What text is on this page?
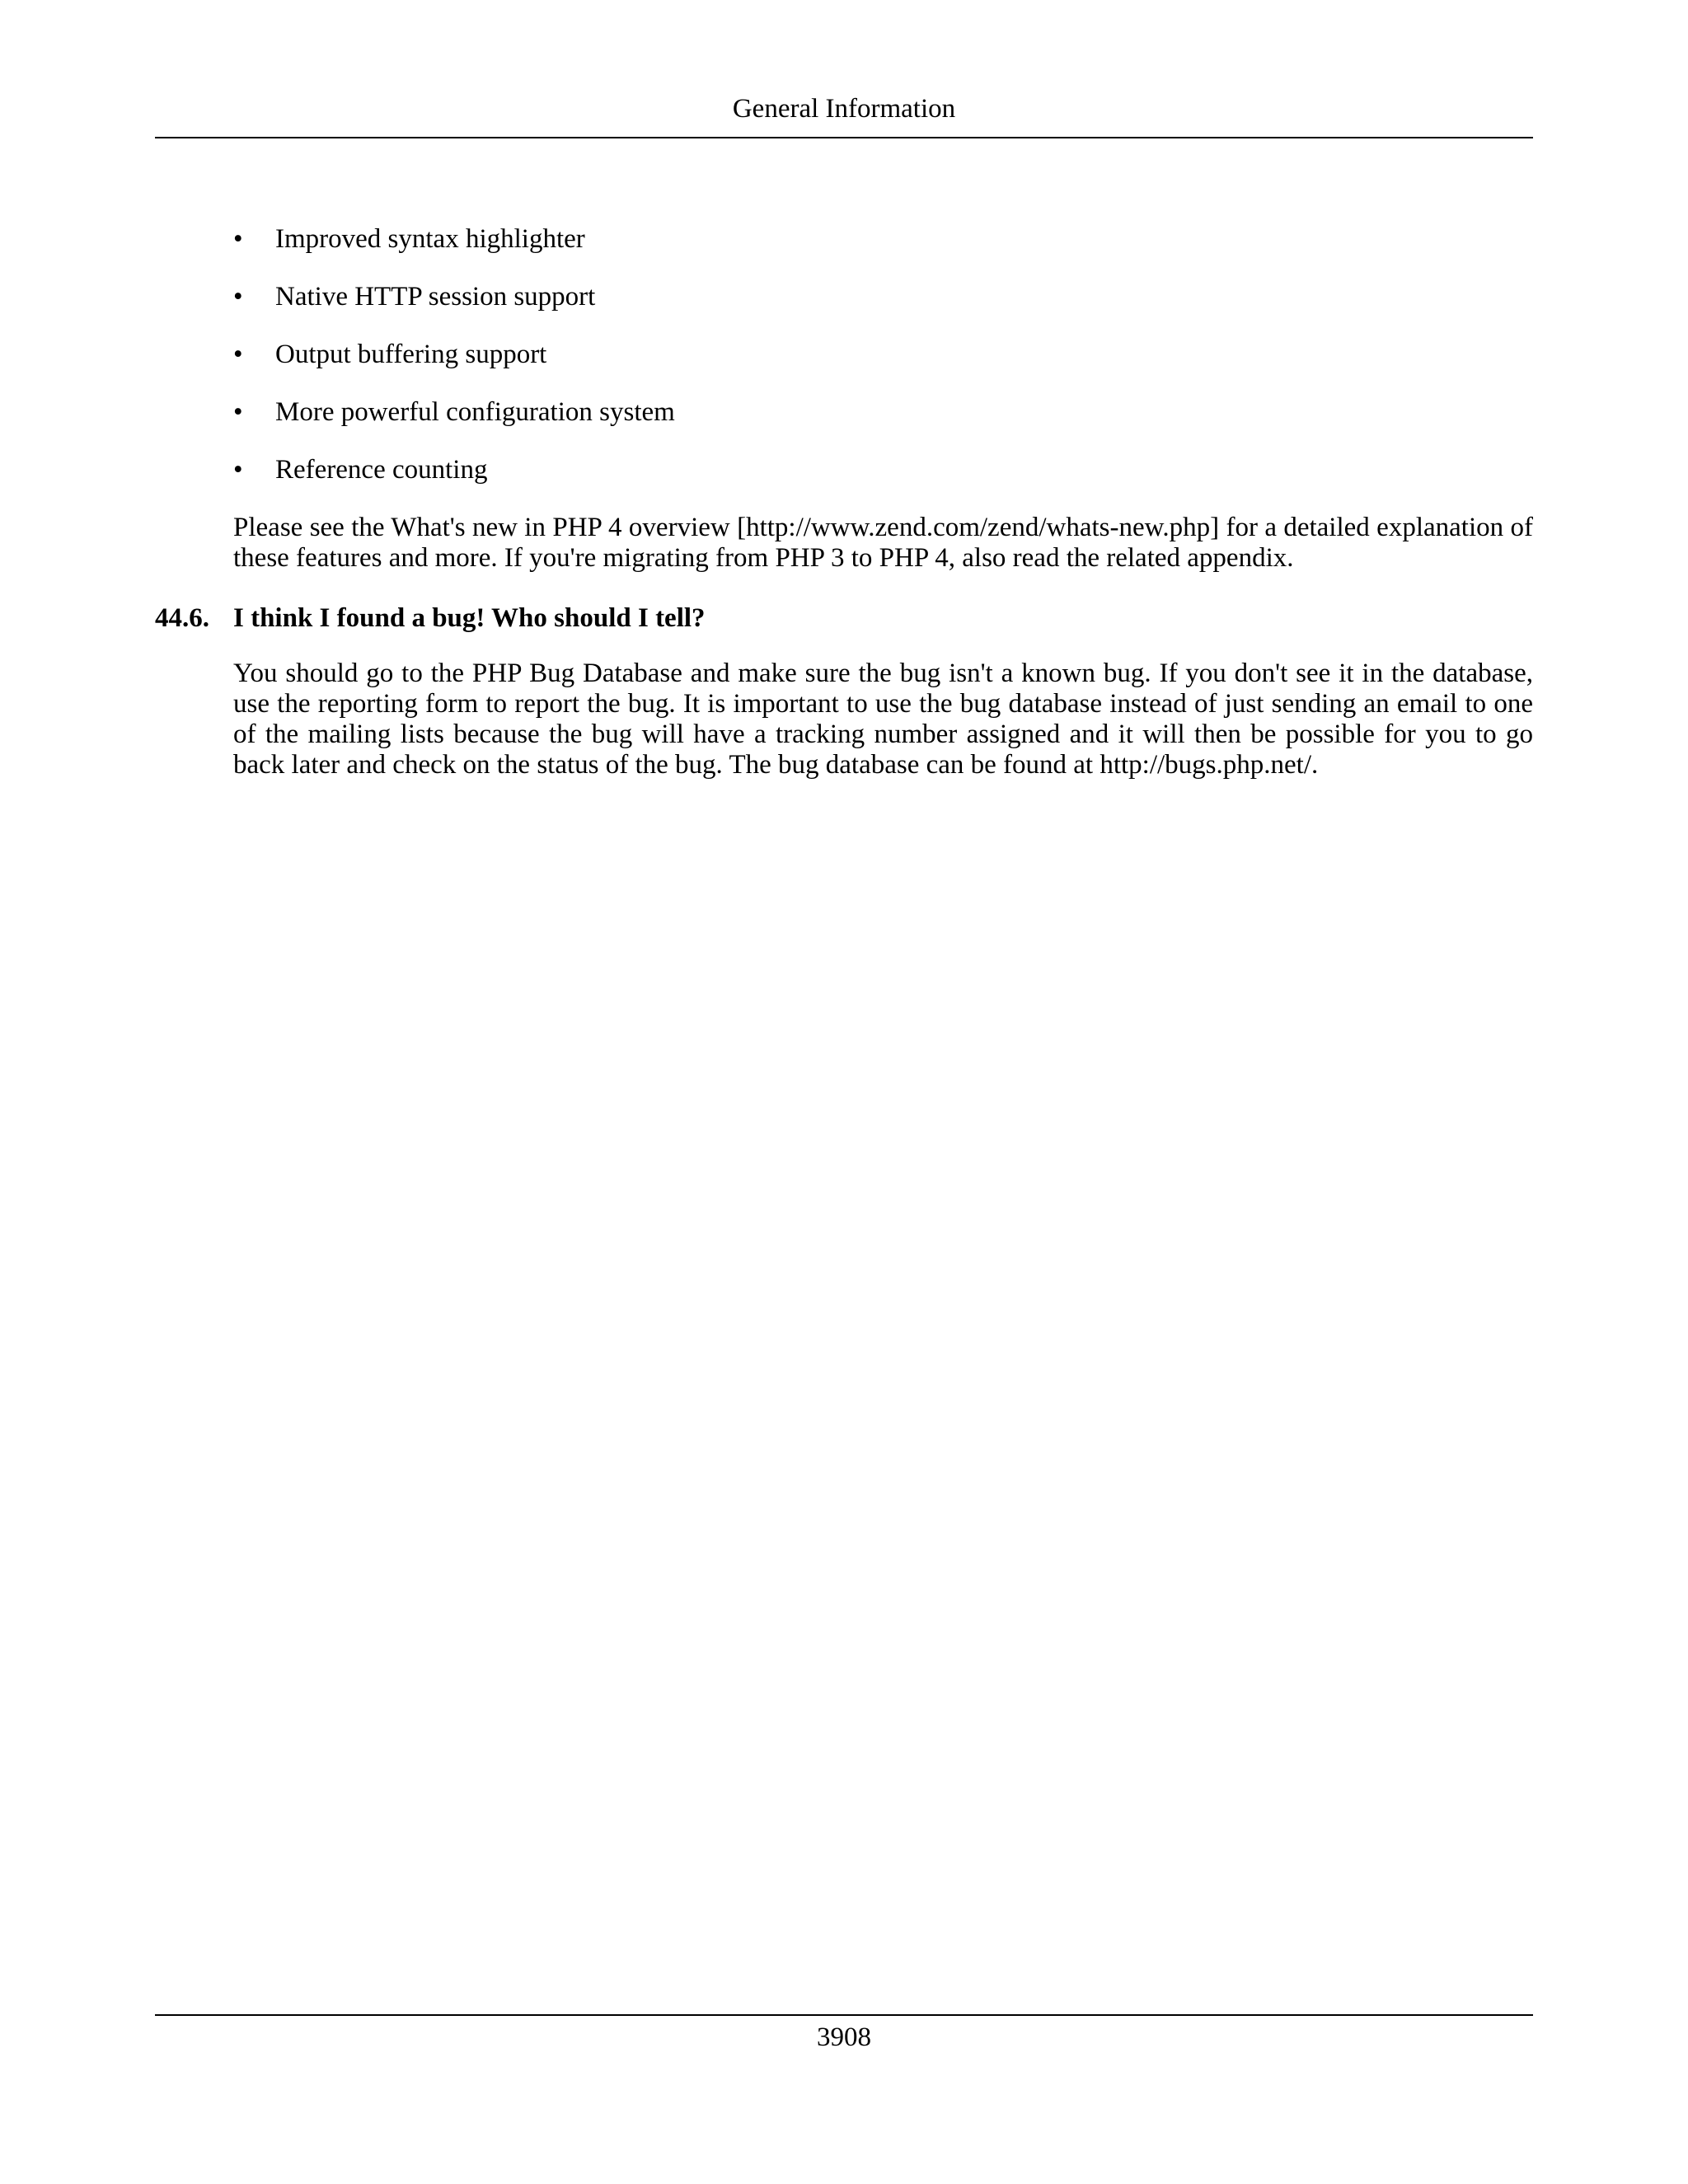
General Information
• Improved syntax highlighter
• Native HTTP session support
• Output buffering support
• More powerful configuration system
• Reference counting

Please see the What's new in PHP 4 overview [http://www.zend.com/zend/whats-new.php] for a detailed explanation of these features and more. If you're migrating from PHP 3 to PHP 4, also read the related appendix.

44.6. I think I found a bug! Who should I tell?

You should go to the PHP Bug Database and make sure the bug isn't a known bug. If you don't see it in the database, use the reporting form to report the bug. It is important to use the bug database instead of just sending an email to one of the mailing lists because the bug will have a tracking number assigned and it will then be possible for you to go back later and check on the status of the bug. The bug database can be found at http://bugs.php.net/.

3908
